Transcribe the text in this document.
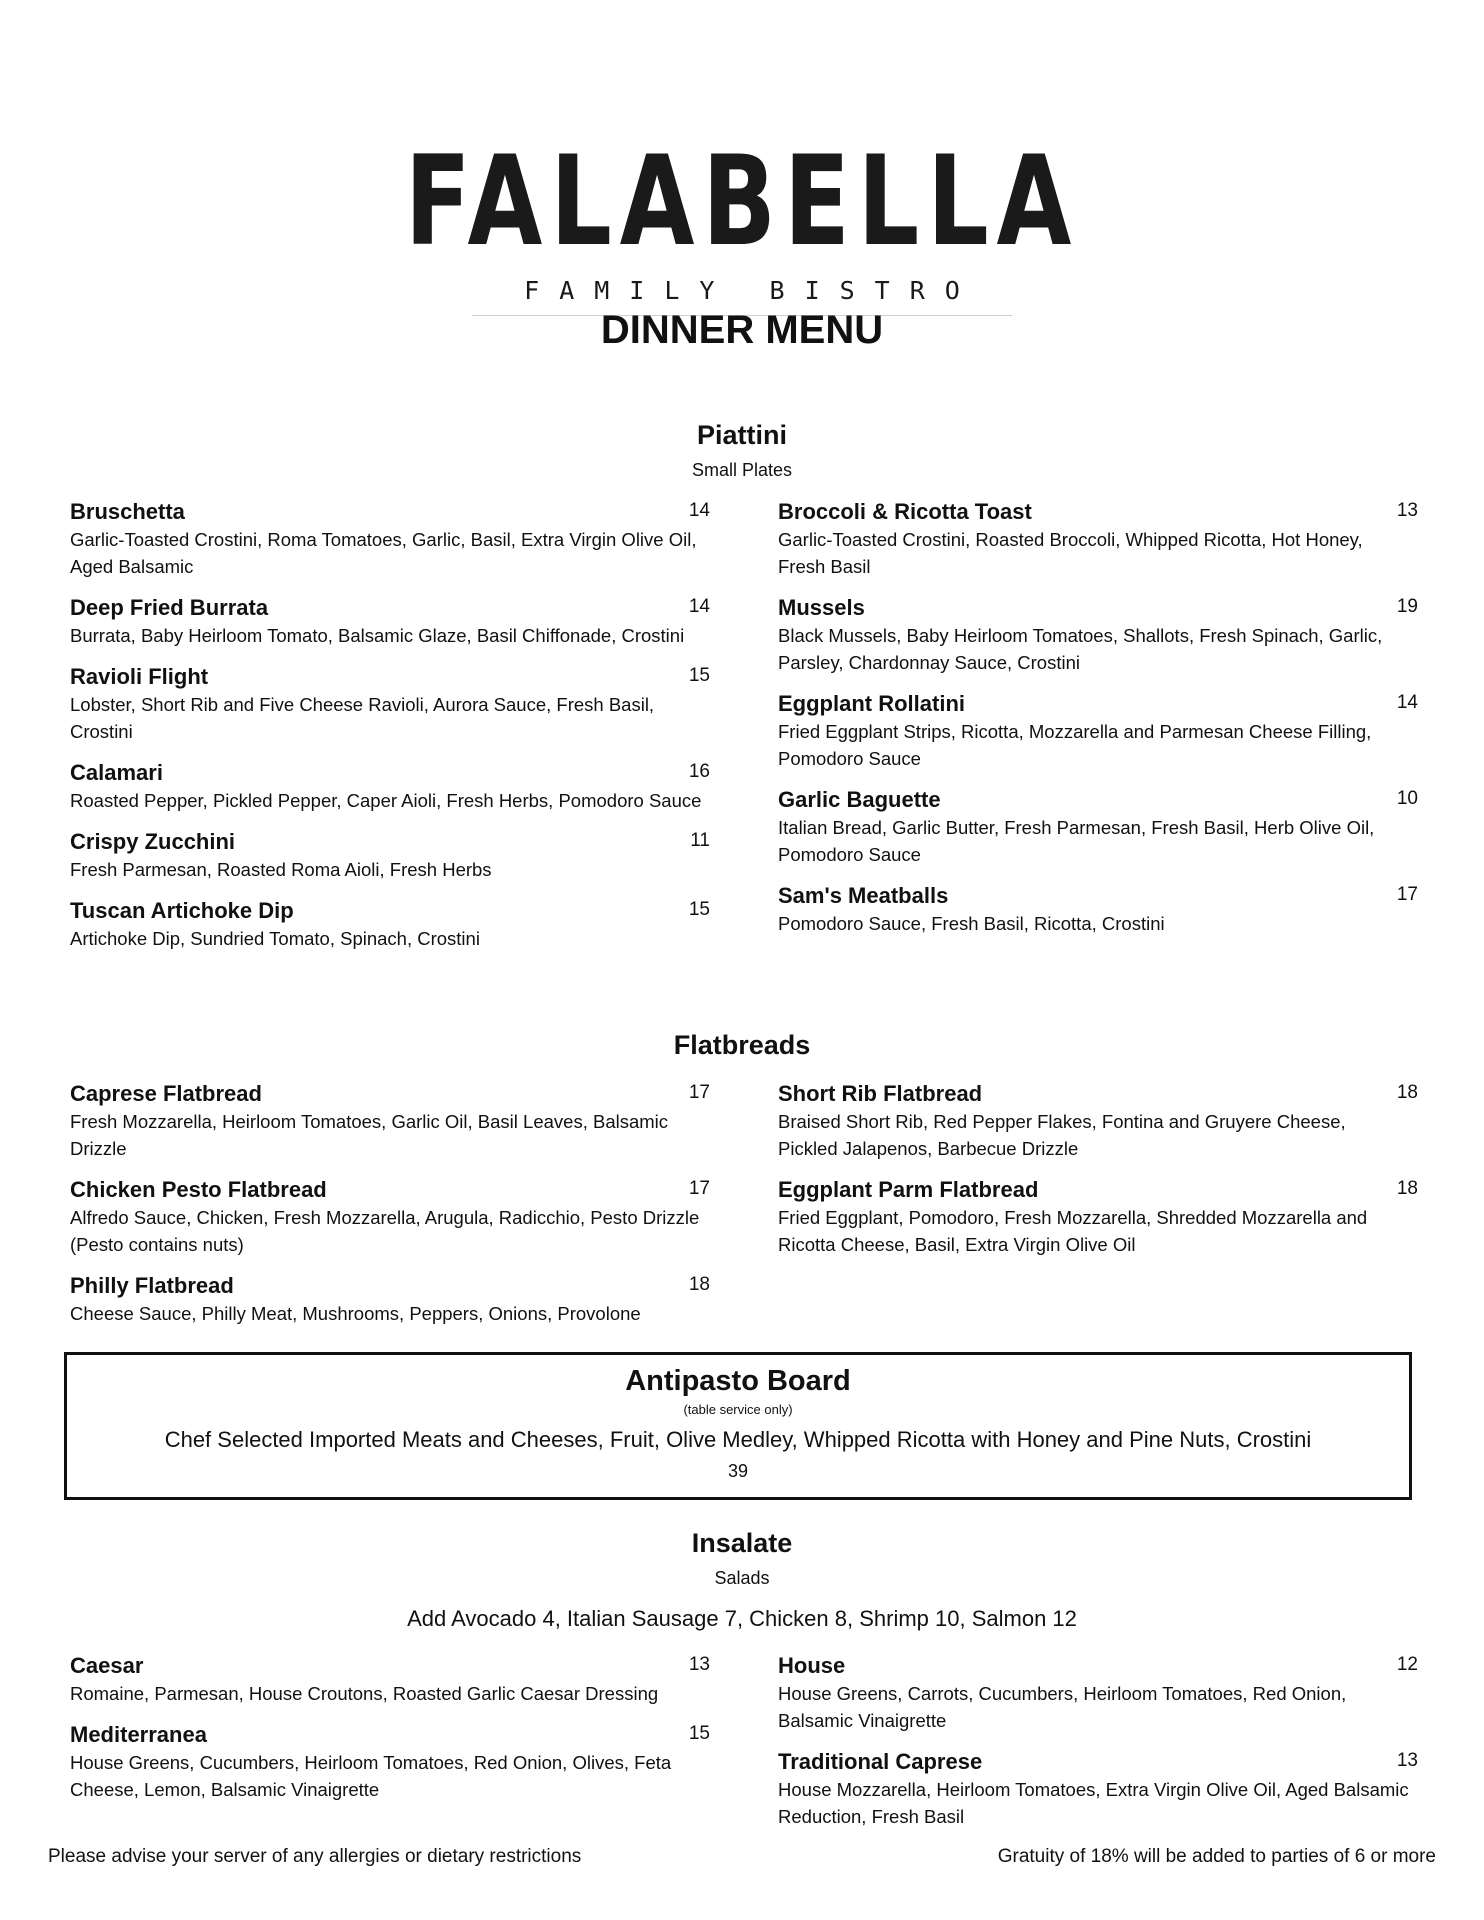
FALABELLA
FAMILY BISTRO
DINNER MENU
Piattini
Small Plates
Bruschetta	14
Garlic-Toasted Crostini, Roma Tomatoes, Garlic, Basil, Extra Virgin Olive Oil, Aged Balsamic
Deep Fried Burrata	14
Burrata, Baby Heirloom Tomato, Balsamic Glaze, Basil Chiffonade, Crostini
Ravioli Flight	15
Lobster, Short Rib and Five Cheese Ravioli, Aurora Sauce, Fresh Basil, Crostini
Calamari	16
Roasted Pepper, Pickled Pepper, Caper Aioli, Fresh Herbs, Pomodoro Sauce
Crispy Zucchini	11
Fresh Parmesan, Roasted Roma Aioli, Fresh Herbs
Tuscan Artichoke Dip	15
Artichoke Dip, Sundried Tomato, Spinach, Crostini
Broccoli & Ricotta Toast	13
Garlic-Toasted Crostini, Roasted Broccoli, Whipped Ricotta, Hot Honey, Fresh Basil
Mussels	19
Black Mussels, Baby Heirloom Tomatoes, Shallots, Fresh Spinach, Garlic, Parsley, Chardonnay Sauce, Crostini
Eggplant Rollatini	14
Fried Eggplant Strips, Ricotta, Mozzarella and Parmesan Cheese Filling, Pomodoro Sauce
Garlic Baguette	10
Italian Bread, Garlic Butter, Fresh Parmesan, Fresh Basil, Herb Olive Oil, Pomodoro Sauce
Sam's Meatballs	17
Pomodoro Sauce, Fresh Basil, Ricotta, Crostini
Flatbreads
Caprese Flatbread	17
Fresh Mozzarella, Heirloom Tomatoes, Garlic Oil, Basil Leaves, Balsamic Drizzle
Chicken Pesto Flatbread	17
Alfredo Sauce, Chicken, Fresh Mozzarella, Arugula, Radicchio, Pesto Drizzle (Pesto contains nuts)
Philly Flatbread	18
Cheese Sauce, Philly Meat, Mushrooms, Peppers, Onions, Provolone
Short Rib Flatbread	18
Braised Short Rib, Red Pepper Flakes, Fontina and Gruyere Cheese, Pickled Jalapenos, Barbecue Drizzle
Eggplant Parm Flatbread	18
Fried Eggplant, Pomodoro, Fresh Mozzarella, Shredded Mozzarella and Ricotta Cheese, Basil, Extra Virgin Olive Oil
Antipasto Board
(table service only)
Chef Selected Imported Meats and Cheeses, Fruit, Olive Medley, Whipped Ricotta with Honey and Pine Nuts, Crostini
39
Insalate
Salads
Add Avocado 4, Italian Sausage 7, Chicken 8, Shrimp 10, Salmon 12
Caesar	13
Romaine, Parmesan, House Croutons, Roasted Garlic Caesar Dressing
Mediterranea	15
House Greens, Cucumbers, Heirloom Tomatoes, Red Onion, Olives, Feta Cheese, Lemon, Balsamic Vinaigrette
House	12
House Greens, Carrots, Cucumbers, Heirloom Tomatoes, Red Onion, Balsamic Vinaigrette
Traditional Caprese	13
House Mozzarella, Heirloom Tomatoes, Extra Virgin Olive Oil, Aged Balsamic Reduction, Fresh Basil
Please advise your server of any allergies or dietary restrictions	Gratuity of 18% will be added to parties of 6 or more
